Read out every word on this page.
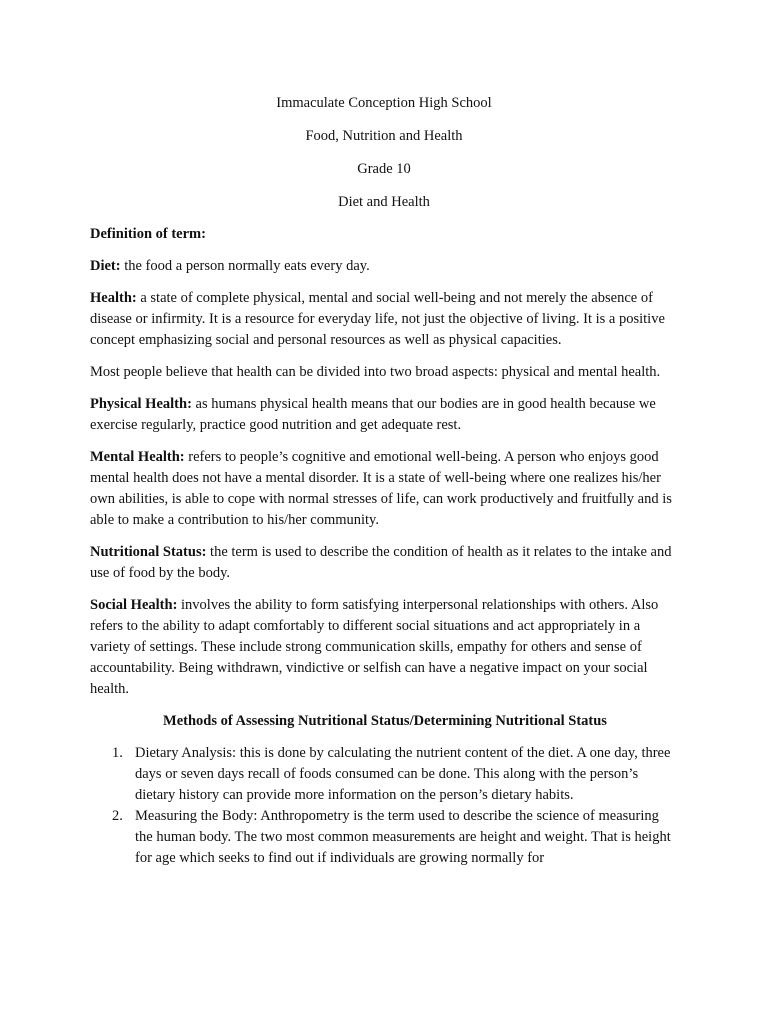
Immaculate Conception High School
Food, Nutrition and Health
Grade 10
Diet and Health

Definition of term:

Diet: the food a person normally eats every day.

Health: a state of complete physical, mental and social well-being and not merely the absence of disease or infirmity. It is a resource for everyday life, not just the objective of living. It is a positive concept emphasizing social and personal resources as well as physical capacities.

Most people believe that health can be divided into two broad aspects: physical and mental health.

Physical Health: as humans physical health means that our bodies are in good health because we exercise regularly, practice good nutrition and get adequate rest.

Mental Health: refers to people’s cognitive and emotional well-being. A person who enjoys good mental health does not have a mental disorder. It is a state of well-being where one realizes his/her own abilities, is able to cope with normal stresses of life, can work productively and fruitfully and is able to make a contribution to his/her community.

Nutritional Status: the term is used to describe the condition of health as it relates to the intake and use of food by the body.

Social Health: involves the ability to form satisfying interpersonal relationships with others. Also refers to the ability to adapt comfortably to different social situations and act appropriately in a variety of settings. These include strong communication skills, empathy for others and sense of accountability. Being withdrawn, vindictive or selfish can have a negative impact on your social health.

Methods of Assessing Nutritional Status/Determining Nutritional Status

1. Dietary Analysis: this is done by calculating the nutrient content of the diet. A one day, three days or seven days recall of foods consumed can be done. This along with the person’s dietary history can provide more information on the person’s dietary habits.
2. Measuring the Body: Anthropometry is the term used to describe the science of measuring the human body. The two most common measurements are height and weight. That is height for age which seeks to find out if individuals are growing normally for
